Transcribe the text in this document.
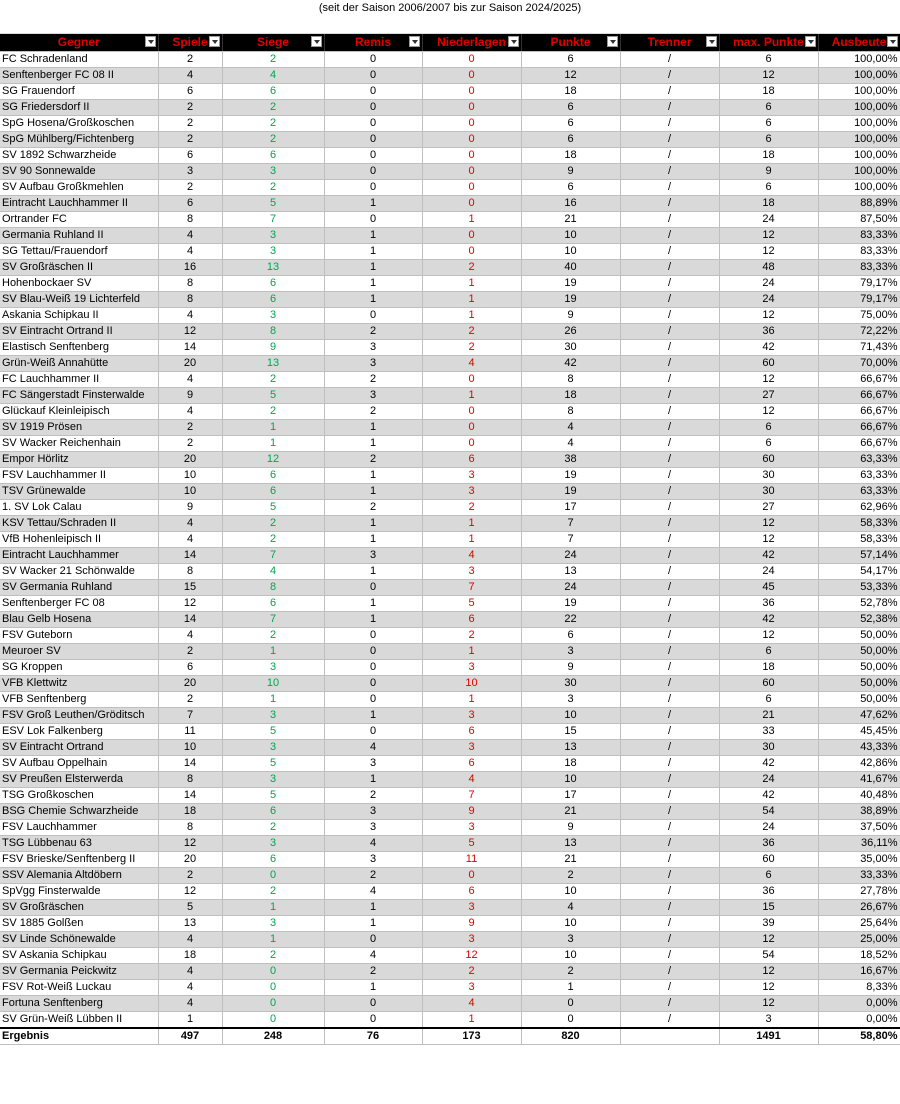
(seit der Saison 2006/2007 bis zur Saison 2024/2025)
Gegner	Spiele	Siege	Remis	Niederlagen	Punkte	Trenner	max. Punkte	Ausbeute

FC Schradenland	2	2	0	0	6	/	6	100,00%
Senftenberger FC 08 II	4	4	0	0	12	/	12	100,00%
SG Frauendorf	6	6	0	0	18	/	18	100,00%
SG Friedersdorf II	2	2	0	0	6	/	6	100,00%
SpG Hosena/Großkoschen	2	2	0	0	6	/	6	100,00%
SpG Mühlberg/Fichtenberg	2	2	0	0	6	/	6	100,00%
SV 1892 Schwarzheide	6	6	0	0	18	/	18	100,00%
SV 90 Sonnewalde	3	3	0	0	9	/	9	100,00%
SV Aufbau Großkmehlen	2	2	0	0	6	/	6	100,00%
Eintracht Lauchhammer II	6	5	1	0	16	/	18	88,89%
Ortrander FC	8	7	0	1	21	/	24	87,50%
Germania Ruhland II	4	3	1	0	10	/	12	83,33%
SG Tettau/Frauendorf	4	3	1	0	10	/	12	83,33%
SV Großräschen II	16	13	1	2	40	/	48	83,33%
Hohenbockaer SV	8	6	1	1	19	/	24	79,17%
SV Blau-Weiß 19 Lichterfeld	8	6	1	1	19	/	24	79,17%
Askania Schipkau II	4	3	0	1	9	/	12	75,00%
SV Eintracht Ortrand II	12	8	2	2	26	/	36	72,22%
Elastisch Senftenberg	14	9	3	2	30	/	42	71,43%
Grün-Weiß Annahütte	20	13	3	4	42	/	60	70,00%
FC Lauchhammer II	4	2	2	0	8	/	12	66,67%
FC Sängerstadt Finsterwalde	9	5	3	1	18	/	27	66,67%
Glückauf Kleinleipisch	4	2	2	0	8	/	12	66,67%
SV 1919 Prösen	2	1	1	0	4	/	6	66,67%
SV Wacker Reichenhain	2	1	1	0	4	/	6	66,67%
Empor Hörlitz	20	12	2	6	38	/	60	63,33%
FSV Lauchhammer II	10	6	1	3	19	/	30	63,33%
TSV Grünewalde	10	6	1	3	19	/	30	63,33%
1. SV Lok Calau	9	5	2	2	17	/	27	62,96%
KSV Tettau/Schraden II	4	2	1	1	7	/	12	58,33%
VfB Hohenleipisch II	4	2	1	1	7	/	12	58,33%
Eintracht Lauchhammer	14	7	3	4	24	/	42	57,14%
SV Wacker 21 Schönwalde	8	4	1	3	13	/	24	54,17%
SV Germania Ruhland	15	8	0	7	24	/	45	53,33%
Senftenberger FC 08	12	6	1	5	19	/	36	52,78%
Blau Gelb Hosena	14	7	1	6	22	/	42	52,38%
FSV Guteborn	4	2	0	2	6	/	12	50,00%
Meuroer SV	2	1	0	1	3	/	6	50,00%
SG Kroppen	6	3	0	3	9	/	18	50,00%
VFB Klettwitz	20	10	0	10	30	/	60	50,00%
VFB Senftenberg	2	1	0	1	3	/	6	50,00%
FSV Groß Leuthen/Gröditsch	7	3	1	3	10	/	21	47,62%
ESV Lok Falkenberg	11	5	0	6	15	/	33	45,45%
SV Eintracht Ortrand	10	3	4	3	13	/	30	43,33%
SV Aufbau Oppelhain	14	5	3	6	18	/	42	42,86%
SV Preußen Elsterwerda	8	3	1	4	10	/	24	41,67%
TSG Großkoschen	14	5	2	7	17	/	42	40,48%
BSG Chemie Schwarzheide	18	6	3	9	21	/	54	38,89%
FSV Lauchhammer	8	2	3	3	9	/	24	37,50%
TSG Lübbenau 63	12	3	4	5	13	/	36	36,11%
FSV Brieske/Senftenberg II	20	6	3	11	21	/	60	35,00%
SSV Alemania Altdöbern	2	0	2	0	2	/	6	33,33%
SpVgg Finsterwalde	12	2	4	6	10	/	36	27,78%
SV Großräschen	5	1	1	3	4	/	15	26,67%
SV 1885 Golßen	13	3	1	9	10	/	39	25,64%
SV Linde Schönewalde	4	1	0	3	3	/	12	25,00%
SV Askania Schipkau	18	2	4	12	10	/	54	18,52%
SV Germania Peickwitz	4	0	2	2	2	/	12	16,67%
FSV Rot-Weiß Luckau	4	0	1	3	1	/	12	8,33%
Fortuna Senftenberg	4	0	0	4	0	/	12	0,00%
SV Grün-Weiß Lübben II	1	0	0	1	0	/	3	0,00%
Ergebnis	497	248	76	173	820		1491	58,80%
